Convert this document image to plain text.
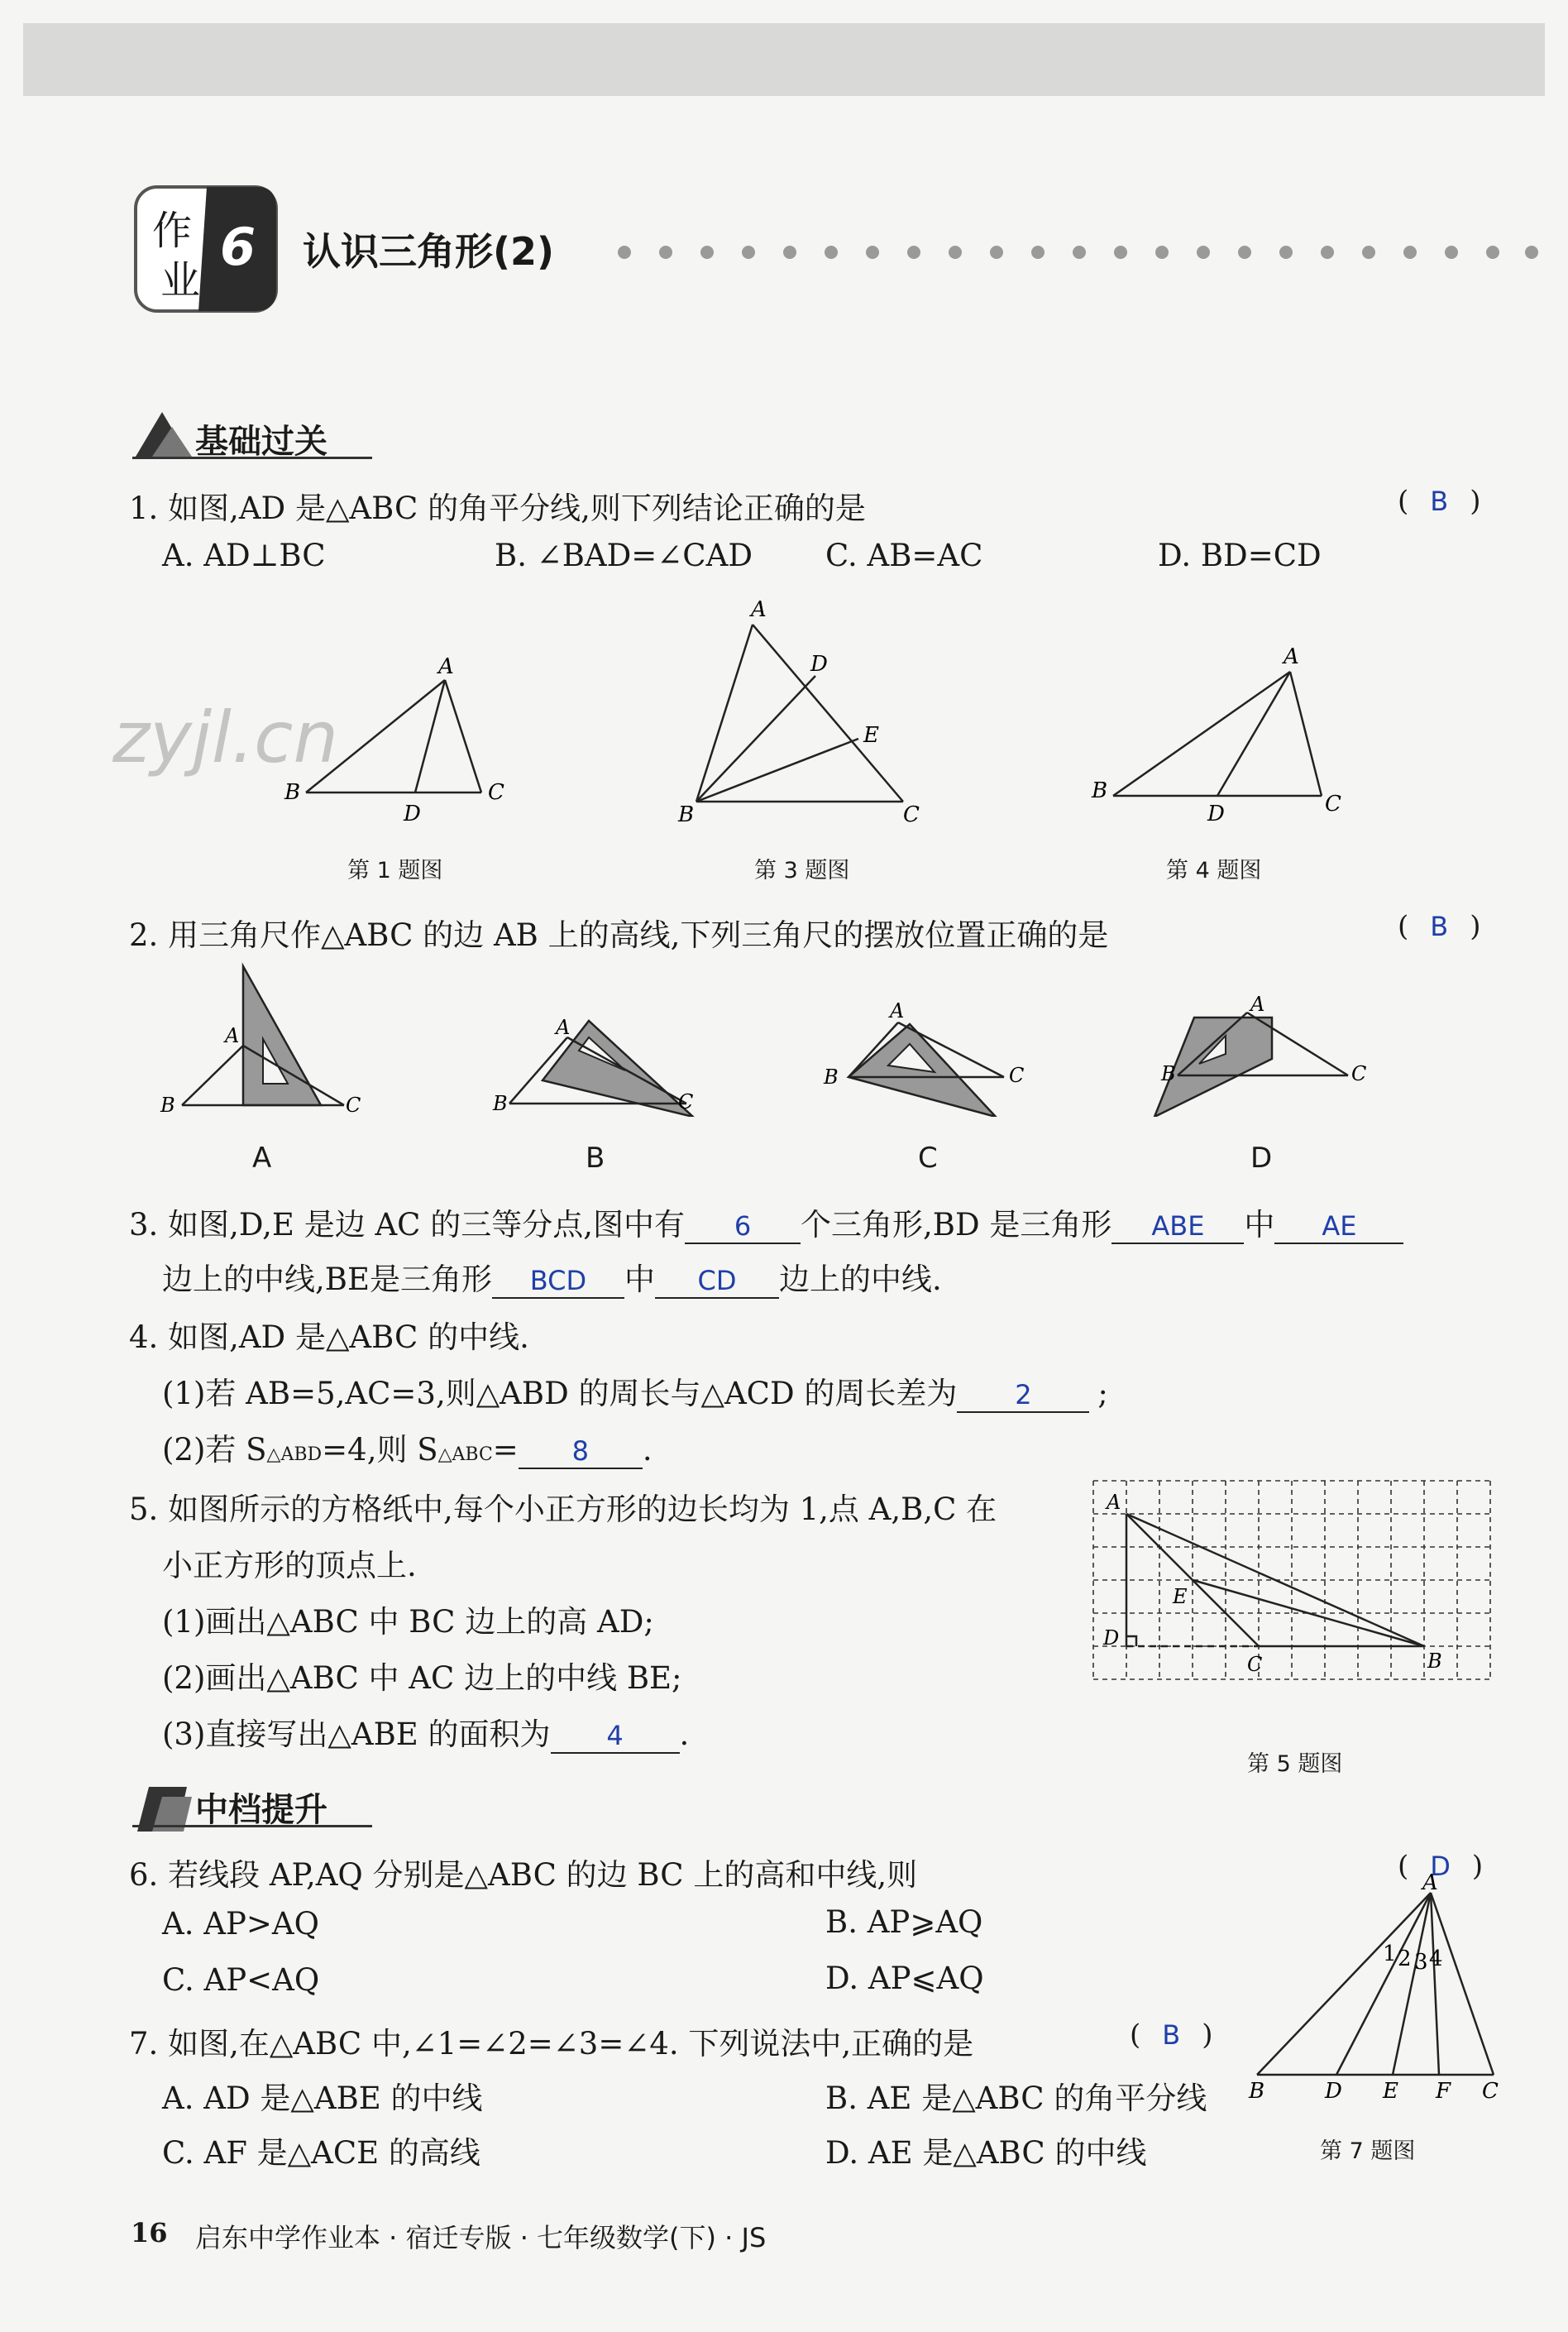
作
业
6 认识三角形(2)
基础过关
1. 如图,AD 是△ABC 的角平分线,则下列结论正确的是	( B )
A. AD⊥BC	B. ∠BAD=∠CAD C. AB=AC	D. BD=CD
zyjl.cn
A
B	C
D
第 1 题图
A
D
E
B	C
第 3 题图
A
B
C
D
第 4 题图
2. 用三角尺作△ABC 的边 AB 上的高线,下列三角尺的摆放位置正确的是	( B )
A
B	C
A
B	C
A
B	C
A
B	C
A	B	C	D
3. 如图,D,E 是边 AC 的三等分点,图中有 6 个三角形,BD 是三角形 ABE 中 AE
边上的中线,BE是三角形 BCD 中 CD 边上的中线.
4. 如图,AD 是△ABC 的中线.
(1)若 AB=5,AC=3,则△ABD 的周长与△ACD 的周长差为 2 ;
(2)若 S△ABD=4,则 S△ABC= 8 .
5. 如图所示的方格纸中,每个小正方形的边长均为 1,点 A,B,C 在
小正方形的顶点上.
(1)画出△ABC 中 BC 边上的高 AD;
(2)画出△ABC 中 AC 边上的中线 BE;
(3)直接写出△ABE 的面积为 4 .
A
E
D
C	B
第 5 题图
中档提升
6. 若线段 AP,AQ 分别是△ABC 的边 BC 上的高和中线,则	( D )
A. AP>AQ	B. AP⩾AQ
C. AP<AQ	D. AP⩽AQ
7. 如图,在△ABC 中,∠1=∠2=∠3=∠4. 下列说法中,正确的是	( B )
A. AD 是△ABE 的中线	B. AE 是△ABC 的角平分线
C. AF 是△ACE 的高线	D. AE 是△ABC 的中线
A
1 2 3 4
B	D E F C
第 7 题图
16 启东中学作业本 · 宿迁专版 · 七年级数学(下) · JS
